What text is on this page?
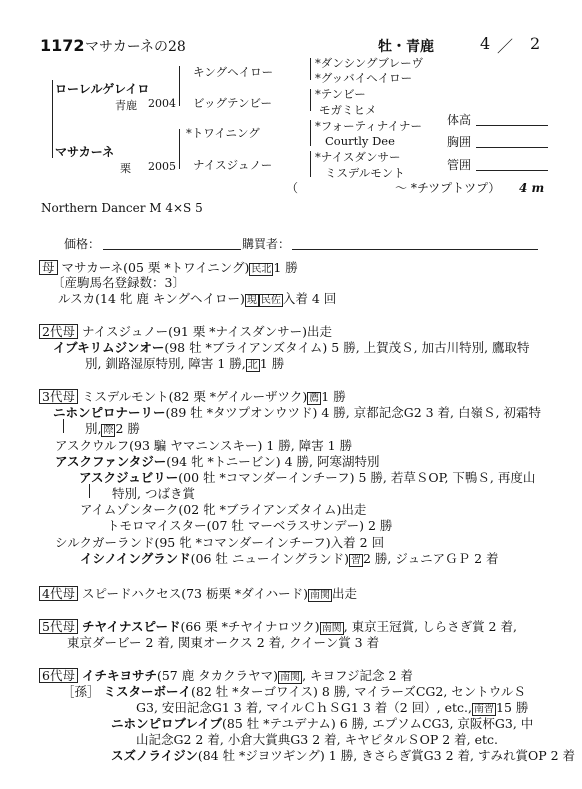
1172 マサカーネの28	牡・青鹿	4 ／ 2
ローレルゲレイロ
青鹿 2004
キングヘイロー
ビッグテンビー
*ダンシングブレーヴ
*グッバイヘイロー
*テンビー
モガミヒメ
マサカーネ
栗 2005
*トワイニング
ナイスジュノー
*フォーティナイナー
Courtly Dee
*ナイスダンサー
ミスデルモント
体高
胸囲
管囲
（	〜 *チツプトツプ） 4 m
Northern Dancer M 4×S 5
価格：	購買者：
母 マサカーネ(05 栗 *トワイニング) 民北 1 勝
〔産駒馬名登録数：3〕
ルスカ(14 牝 鹿 キングヘイロー) 現 民佐 入着 4 回
2代母 ナイスジュノー(91 栗 *ナイスダンサー)出走
イブキリムジンオー(98 牡 *ブライアンズタイム) 5 勝, 上賀茂Ｓ, 加古川特別, 鷹取特
別, 釧路湿原特別, 障害 1 勝, 北 1 勝
3代母 ミスデルモント(82 栗 *ゲイルーザツク) 薦 1 勝
ニホンピロナーリー(89 牡 *タツプオンウツド) 4 勝, 京都記念G2 3 着, 白嶺Ｓ, 初霜特
別, 際 2 勝
アスクウルフ(93 騙 ヤマニンスキー) 1 勝, 障害 1 勝
アスクファンタジー(94 牝 *トニービン) 4 勝, 阿寒湖特別
アスクジュビリー(00 牡 *コマンダーインチーフ) 5 勝, 若草ＳOP, 下鴨Ｓ, 再度山
特別, つばき賞
アイムゾンターク(02 牝 *ブライアンズタイム)出走
トモロマイスター(07 牡 マーベラスサンデー) 2 勝
シルクガーランド(95 牝 *コマンダーインチーフ)入着 2 回
イシノイングランド(06 牡 ニューイングランド) 習 2 勝, ジュニアＧＰ 2 着
4代母 スピードハクセス(73 栃栗 *ダイハード) 南関 出走
5代母 チヤイナスピード(66 栗 *チヤイナロツク) 南関 , 東京王冠賞, しらさぎ賞 2 着,
東京ダービー 2 着, 関東オークス 2 着, クイーン賞 3 着
6代母 イチキヨサチ(57 鹿 タカクラヤマ) 南関 , キヨフジ記念 2 着
［孫］ ミスターボーイ(82 牡 *ターゴワイス) 8 勝, マイラーズCG2, セントウルＳ
G3, 安田記念G1 3 着, マイルＣｈＳG1 3 着（2 回）, etc., 南習 15 勝
ニホンピロブレイブ(85 牡 *テユデナム) 6 勝, エプソムCG3, 京阪杯G3, 中
山記念G2 2 着, 小倉大賞典G3 2 着, キヤピタルＳOP 2 着, etc.
スズノライジン(84 牡 *ジヨツギング) 1 勝, きさらぎ賞G3 2 着, すみれ賞OP 2 着
